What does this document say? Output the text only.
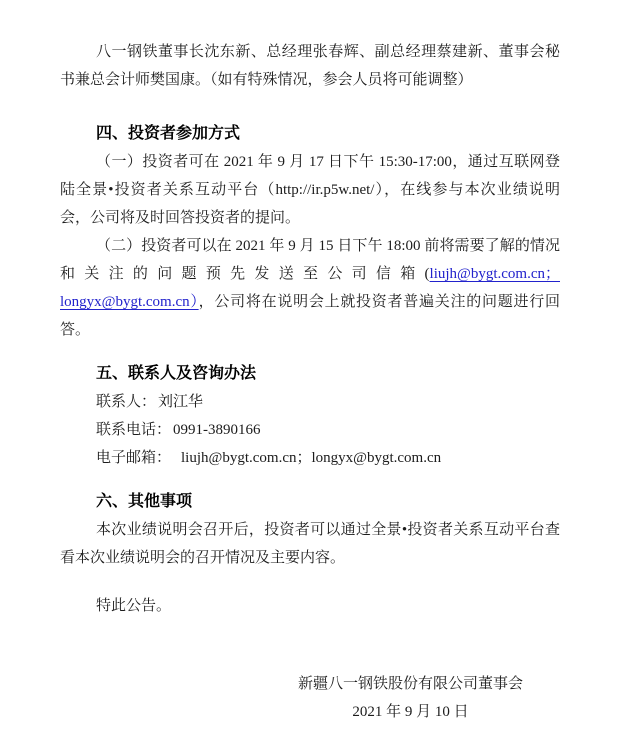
八一钢铁董事长沈东新、总经理张春辉、副总经理蔡建新、董事会秘书兼总会计师樊国康。（如有特殊情况，参会人员将可能调整）

四、投资者参加方式

（一）投资者可在 2021 年 9 月 17 日下午 15:30-17:00，通过互联网登陆全景•投资者关系互动平台（http://ir.p5w.net/），在线参与本次业绩说明会，公司将及时回答投资者的提问。

（二）投资者可以在 2021 年 9 月 15 日下午 18:00 前将需要了解的情况和关注的问题预先发送至公司信箱(liujh@bygt.com.cn；longyx@bygt.com.cn），公司将在说明会上就投资者普遍关注的问题进行回答。

五、联系人及咨询办法
联系人： 刘江华
联系电话： 0991-3890166
电子邮箱： liujh@bygt.com.cn；longyx@bygt.com.cn
六、其他事项

本次业绩说明会召开后，投资者可以通过全景•投资者关系互动平台查看本次业绩说明会的召开情况及主要内容。

特此公告。
新疆八一钢铁股份有限公司董事会
2021 年 9 月 10 日
